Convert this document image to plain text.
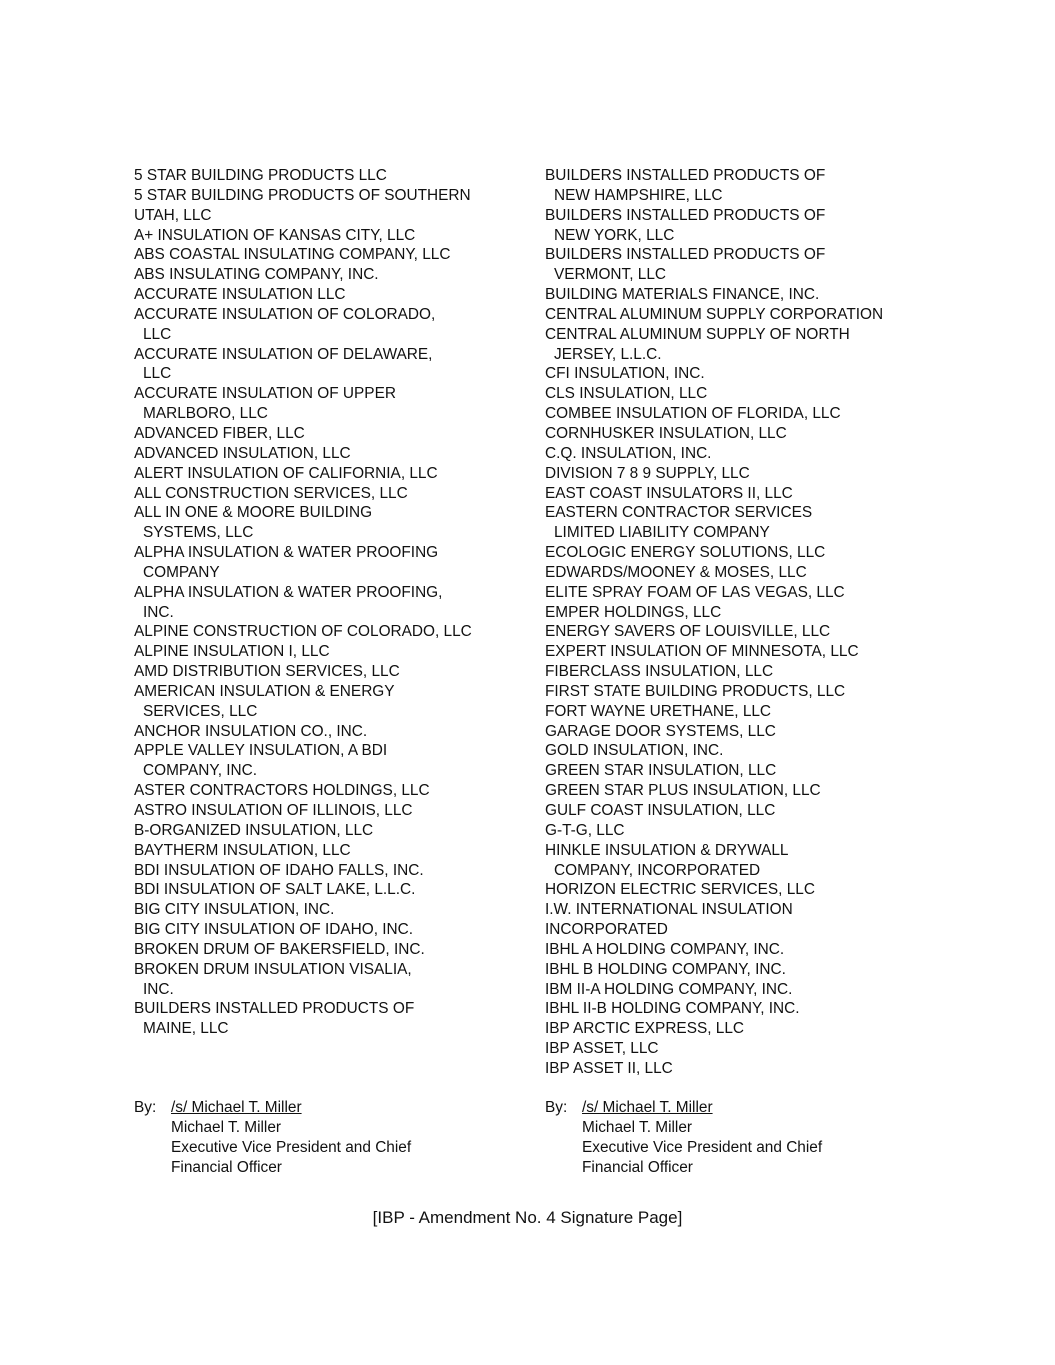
5 STAR BUILDING PRODUCTS LLC
5 STAR BUILDING PRODUCTS OF SOUTHERN
UTAH, LLC
A+ INSULATION OF KANSAS CITY, LLC
ABS COASTAL INSULATING COMPANY, LLC
ABS INSULATING COMPANY, INC.
ACCURATE INSULATION LLC
ACCURATE INSULATION OF COLORADO,
LLC
ACCURATE INSULATION OF DELAWARE,
LLC
ACCURATE INSULATION OF UPPER
MARLBORO, LLC
ADVANCED FIBER, LLC
ADVANCED INSULATION, LLC
ALERT INSULATION OF CALIFORNIA, LLC
ALL CONSTRUCTION SERVICES, LLC
ALL IN ONE & MOORE BUILDING
SYSTEMS, LLC
ALPHA INSULATION & WATER PROOFING
COMPANY
ALPHA INSULATION & WATER PROOFING,
INC.
ALPINE CONSTRUCTION OF COLORADO, LLC
ALPINE INSULATION I, LLC
AMD DISTRIBUTION SERVICES, LLC
AMERICAN INSULATION & ENERGY
SERVICES, LLC
ANCHOR INSULATION CO., INC.
APPLE VALLEY INSULATION, A BDI
COMPANY, INC.
ASTER CONTRACTORS HOLDINGS, LLC
ASTRO INSULATION OF ILLINOIS, LLC
B-ORGANIZED INSULATION, LLC
BAYTHERM INSULATION, LLC
BDI INSULATION OF IDAHO FALLS, INC.
BDI INSULATION OF SALT LAKE, L.L.C.
BIG CITY INSULATION, INC.
BIG CITY INSULATION OF IDAHO, INC.
BROKEN DRUM OF BAKERSFIELD, INC.
BROKEN DRUM INSULATION VISALIA,
INC.
BUILDERS INSTALLED PRODUCTS OF
MAINE, LLC
BUILDERS INSTALLED PRODUCTS OF
NEW HAMPSHIRE, LLC
BUILDERS INSTALLED PRODUCTS OF
NEW YORK, LLC
BUILDERS INSTALLED PRODUCTS OF
VERMONT, LLC
BUILDING MATERIALS FINANCE, INC.
CENTRAL ALUMINUM SUPPLY CORPORATION
CENTRAL ALUMINUM SUPPLY OF NORTH
JERSEY, L.L.C.
CFI INSULATION, INC.
CLS INSULATION, LLC
COMBEE INSULATION OF FLORIDA, LLC
CORNHUSKER INSULATION, LLC
C.Q. INSULATION, INC.
DIVISION 7 8 9 SUPPLY, LLC
EAST COAST INSULATORS II, LLC
EASTERN CONTRACTOR SERVICES
LIMITED LIABILITY COMPANY
ECOLOGIC ENERGY SOLUTIONS, LLC
EDWARDS/MOONEY & MOSES, LLC
ELITE SPRAY FOAM OF LAS VEGAS, LLC
EMPER HOLDINGS, LLC
ENERGY SAVERS OF LOUISVILLE, LLC
EXPERT INSULATION OF MINNESOTA, LLC
FIBERCLASS INSULATION, LLC
FIRST STATE BUILDING PRODUCTS, LLC
FORT WAYNE URETHANE, LLC
GARAGE DOOR SYSTEMS, LLC
GOLD INSULATION, INC.
GREEN STAR INSULATION, LLC
GREEN STAR PLUS INSULATION, LLC
GULF COAST INSULATION, LLC
G-T-G, LLC
HINKLE INSULATION & DRYWALL
COMPANY, INCORPORATED
HORIZON ELECTRIC SERVICES, LLC
I.W. INTERNATIONAL INSULATION
INCORPORATED
IBHL A HOLDING COMPANY, INC.
IBHL B HOLDING COMPANY, INC.
IBM II-A HOLDING COMPANY, INC.
IBHL II-B HOLDING COMPANY, INC.
IBP ARCTIC EXPRESS, LLC
IBP ASSET, LLC
IBP ASSET II, LLC
By: /s/ Michael T. Miller
Michael T. Miller
Executive Vice President and Chief
Financial Officer
By: /s/ Michael T. Miller
Michael T. Miller
Executive Vice President and Chief
Financial Officer
[IBP - Amendment No. 4 Signature Page]
